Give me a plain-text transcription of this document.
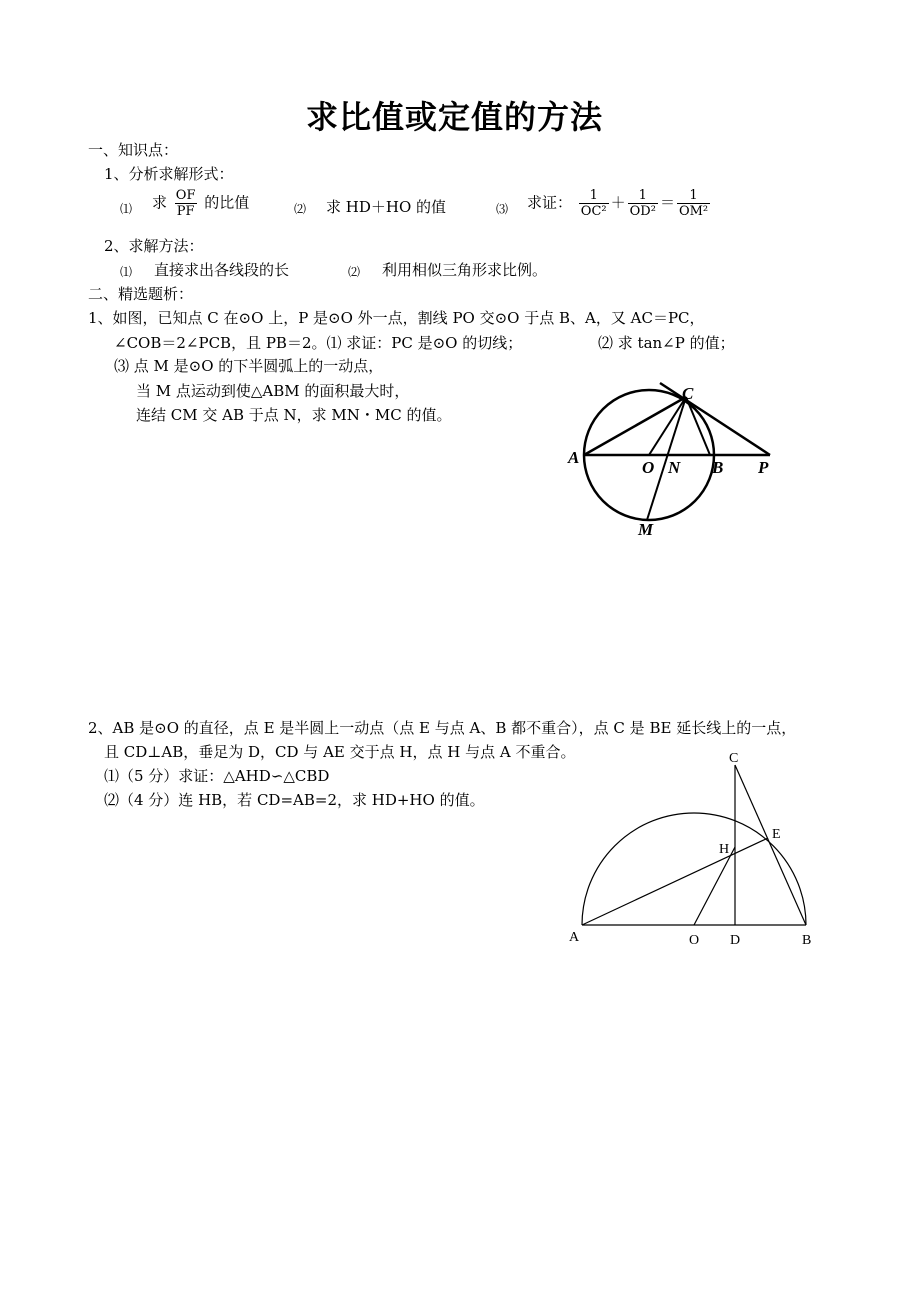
求比值或定值的方法
一、知识点：
1、分析求解形式：
⑴ 求 $\frac{OF}{PF}$ 的比值	⑵ 求 HD＋HO 的值	⑶ 求证： $\frac{1}{\text{OC²}} + \frac{1}{\text{OD²}} = \frac{1}{\text{OM²}}$
2、求解方法：
⑴ 直接求出各线段的长	⑵ 利用相似三角形求比例。
二、精选题析：
1、如图，已知点 C 在⊙O 上，P 是⊙O 外一点，割线 PO 交⊙O 于点 B、A，又 AC＝PC，
∠COB＝2∠PCB，且 PB＝2。⑴ 求证：PC 是⊙O 的切线；	⑵ 求 tan∠P 的值；
⑶ 点 M 是⊙O 的下半圆弧上的一动点，
当 M 点运动到使△ABM 的面积最大时，
连结 CM 交 AB 于点 N，求 MN・MC 的值。
A
O N B P
C
M
2、AB 是⊙O 的直径，点 E 是半圆上一动点（点 E 与点 A、B 都不重合），点 C 是 BE 延长线上的一点，
且 CD⊥AB，垂足为 D，CD 与 AE 交于点 H，点 H 与点 A 不重合。
⑴（5 分）求证：△AHD∽△CBD
⑵（4 分）连 HB，若 CD=AB=2，求 HD+HO 的值。
C
E
H
A	O D	B
